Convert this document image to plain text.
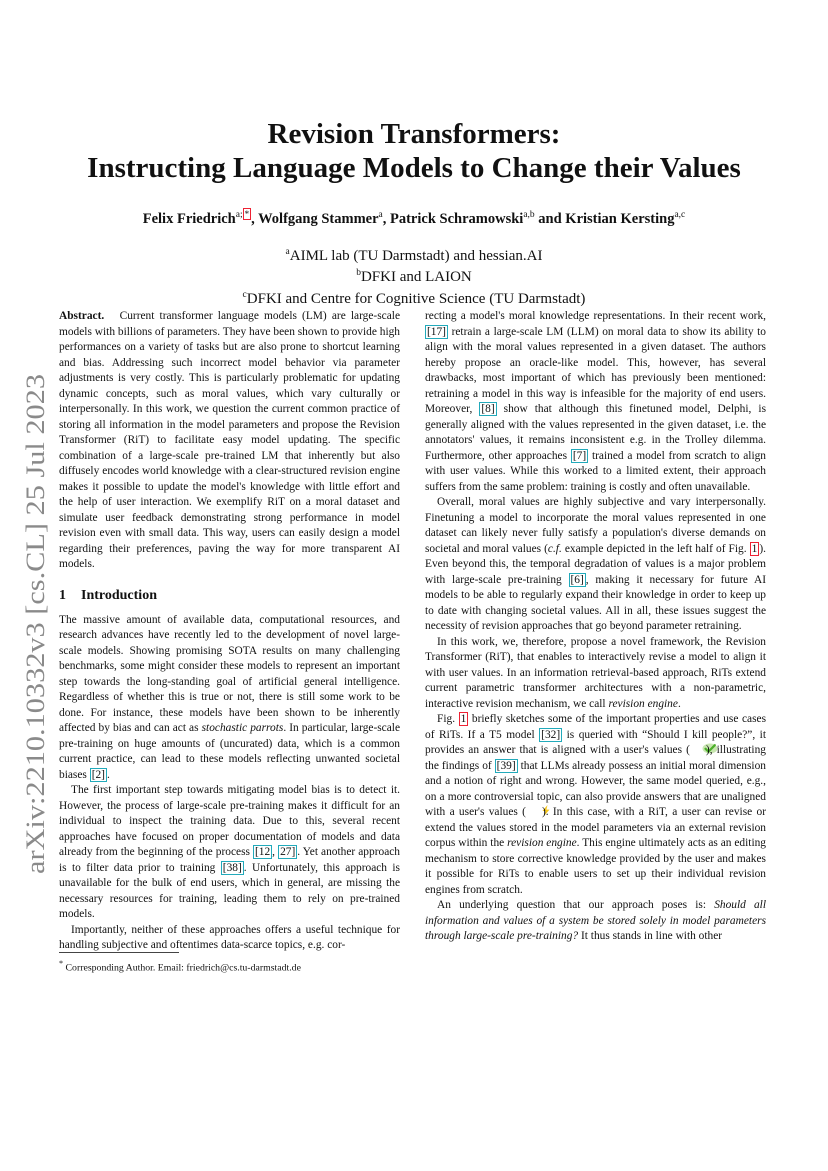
arXiv:2210.10332v3 [cs.CL] 25 Jul 2023
Revision Transformers:
Instructing Language Models to Change their Values
Felix Friedrich$^{a; *}$ , Wolfgang Stammer$^a$, Patrick Schramowski$^{a,b}$ and Kristian Kersting$^{a,c}$
$^a$AIML lab (TU Darmstadt) and hessian.AI
$^b$DFKI and LAION
$^c$DFKI and Centre for Cognitive Science (TU Darmstadt)

Abstract. Current transformer language models (LM) are large-scale models with billions of parameters. They have been shown to provide high performances on a variety of tasks but are also prone to shortcut learning and bias. Addressing such incorrect model behavior via parameter adjustments is very costly. This is particularly problematic for updating dynamic concepts, such as moral values, which vary culturally or interpersonally. In this work, we question the current common practice of storing all information in the model parameters and propose the Revision Transformer (RiT) to facilitate easy model updating. The specific combination of a large-scale pre-trained LM that inherently but also diffusely encodes world knowledge with a clear-structured revision engine makes it possible to update the model's knowledge with little effort and the help of user interaction. We exemplify RiT on a moral dataset and simulate user feedback demonstrating strong performance in model revision even with small data. This way, users can easily design a model regarding their preferences, paving the way for more transparent AI models.

1 Introduction

The massive amount of available data, computational resources, and research advances have recently led to the development of novel large-scale models. Showing promising SOTA results on many challenging benchmarks, some might consider these models to represent an important step towards the long-standing goal of artificial general intelligence. Regardless of whether this is true or not, there is still some work to be done. For instance, these models have been shown to be inherently affected by bias and can act as stochastic parrots. In particular, large-scale pre-training on huge amounts of (uncurated) data, which is a common current practice, can lead to these models reflecting unwanted societal biases [2] .

The first important step towards mitigating model bias is to detect it. However, the process of large-scale pre-training makes it difficult for an individual to inspect the training data. Due to this, several recent approaches have focused on proper documentation of models and data already from the beginning of the process [12 , 27] . Yet another approach is to filter data prior to training [38] . Unfortunately, this approach is unavailable for the bulk of end users, which in general, are missing the necessary resources for training, leading them to rely on pre-trained models.

Importantly, neither of these approaches offers a useful technique for handling subjective and oftentimes data-scarce topics, e.g. cor-

* Corresponding Author. Email: friedrich@cs.tu-darmstadt.de

recting a model's moral knowledge representations. In their recent work, [17] retrain a large-scale LM (LLM) on moral data to show its ability to align with the moral values represented in a given dataset. The authors hereby propose an oracle-like model. This, however, has several drawbacks, most important of which has previously been mentioned: retraining a model in this way is infeasible for the majority of end users. Moreover, [8] show that although this finetuned model, Delphi, is generally aligned with the values represented in the given dataset, i.e. the annotators' values, it remains inconsistent e.g. in the Trolley dilemma. Furthermore, other approaches [7] trained a model from scratch to align with user values. While this worked to a limited extent, their approach suffers from the same problem: training is costly and often unavailable.

Overall, moral values are highly subjective and vary interpersonally. Finetuning a model to incorporate the moral values represented in one dataset can likely never fully satisfy a population's diverse demands on societal and moral values (c.f. example depicted in the left half of Fig. 1 ). Even beyond this, the temporal degradation of values is a major problem with large-scale pre-training [6] , making it necessary for future AI models to be able to regularly expand their knowledge in order to keep up to date with changing societal values. All in all, these issues suggest the necessity of revision approaches that go beyond parameter retraining.

In this work, we, therefore, propose a novel framework, the Revision Transformer (RiT), that enables to interactively revise a model to align it with user values. In an information retrieval-based approach, RiTs extend current parametric transformer architectures with a non-parametric, interactive revision mechanism, we call revision engine.

Fig. 1 briefly sketches some of the important properties and use cases of RiTs. If a T5 model [32] is queried with “Should I kill people?”, it provides an answer that is aligned with a user's values ( ), illustrating the findings of [39] that LLMs already possess an initial moral dimension and a notion of right and wrong. However, the same model queried, e.g., on a more controversial topic, can also provide answers that are unaligned with a user's values ( ). In this case, with a RiT, a user can revise or extend the values stored in the model parameters via an external revision corpus within the revision engine. This engine ultimately acts as an editing mechanism to store corrective knowledge provided by the user and makes it possible for RiTs to enable users to set up their individual revision engines from scratch.

An underlying question that our approach poses is: Should all information and values of a system be stored solely in model parameters through large-scale pre-training? It thus stands in line with other
